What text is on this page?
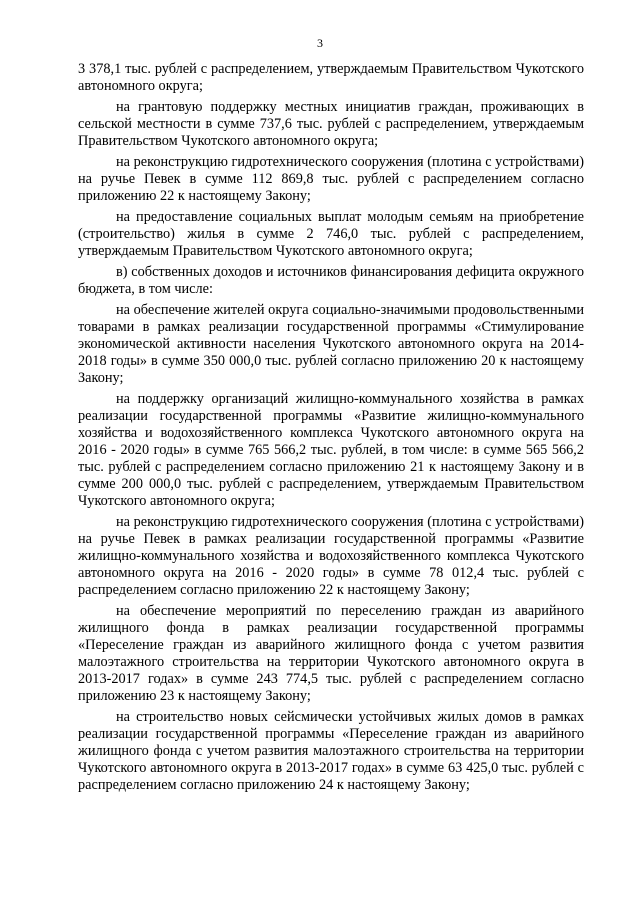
3

3 378,1 тыс. рублей с распределением, утверждаемым Правительством Чукотского автономного округа;

на грантовую поддержку местных инициатив граждан, проживающих в сельской местности в сумме 737,6 тыс. рублей с распределением, утверждаемым Правительством Чукотского автономного округа;

на реконструкцию гидротехнического сооружения (плотина с устройствами) на ручье Певек в сумме 112 869,8 тыс. рублей с распределением согласно приложению 22 к настоящему Закону;

на предоставление социальных выплат молодым семьям на приобретение (строительство) жилья в сумме 2 746,0 тыс. рублей с распределением, утверждаемым Правительством Чукотского автономного округа;

в) собственных доходов и источников финансирования дефицита окружного бюджета, в том числе:

на обеспечение жителей округа социально-значимыми продовольственными товарами в рамках реализации государственной программы «Стимулирование экономической активности населения Чукотского автономного округа на 2014-2018 годы» в сумме 350 000,0 тыс. рублей согласно приложению 20 к настоящему Закону;

на поддержку организаций жилищно-коммунального хозяйства в рамках реализации государственной программы «Развитие жилищно-коммунального хозяйства и водохозяйственного комплекса Чукотского автономного округа на 2016 - 2020 годы» в сумме 765 566,2 тыс. рублей, в том числе: в сумме 565 566,2 тыс. рублей с распределением согласно приложению 21 к настоящему Закону и в сумме 200 000,0 тыс. рублей с распределением, утверждаемым Правительством Чукотского автономного округа;

на реконструкцию гидротехнического сооружения (плотина с устройствами) на ручье Певек в рамках реализации государственной программы «Развитие жилищно-коммунального хозяйства и водохозяйственного комплекса Чукотского автономного округа на 2016 - 2020 годы» в сумме 78 012,4 тыс. рублей с распределением согласно приложению 22 к настоящему Закону;

на обеспечение мероприятий по переселению граждан из аварийного жилищного фонда в рамках реализации государственной программы «Переселение граждан из аварийного жилищного фонда с учетом развития малоэтажного строительства на территории Чукотского автономного округа в 2013-2017 годах» в сумме 243 774,5 тыс. рублей с распределением согласно приложению 23 к настоящему Закону;

на строительство новых сейсмически устойчивых жилых домов в рамках реализации государственной программы «Переселение граждан из аварийного жилищного фонда с учетом развития малоэтажного строительства на территории Чукотского автономного округа в 2013-2017 годах» в сумме 63 425,0 тыс. рублей с распределением согласно приложению 24 к настоящему Закону;
